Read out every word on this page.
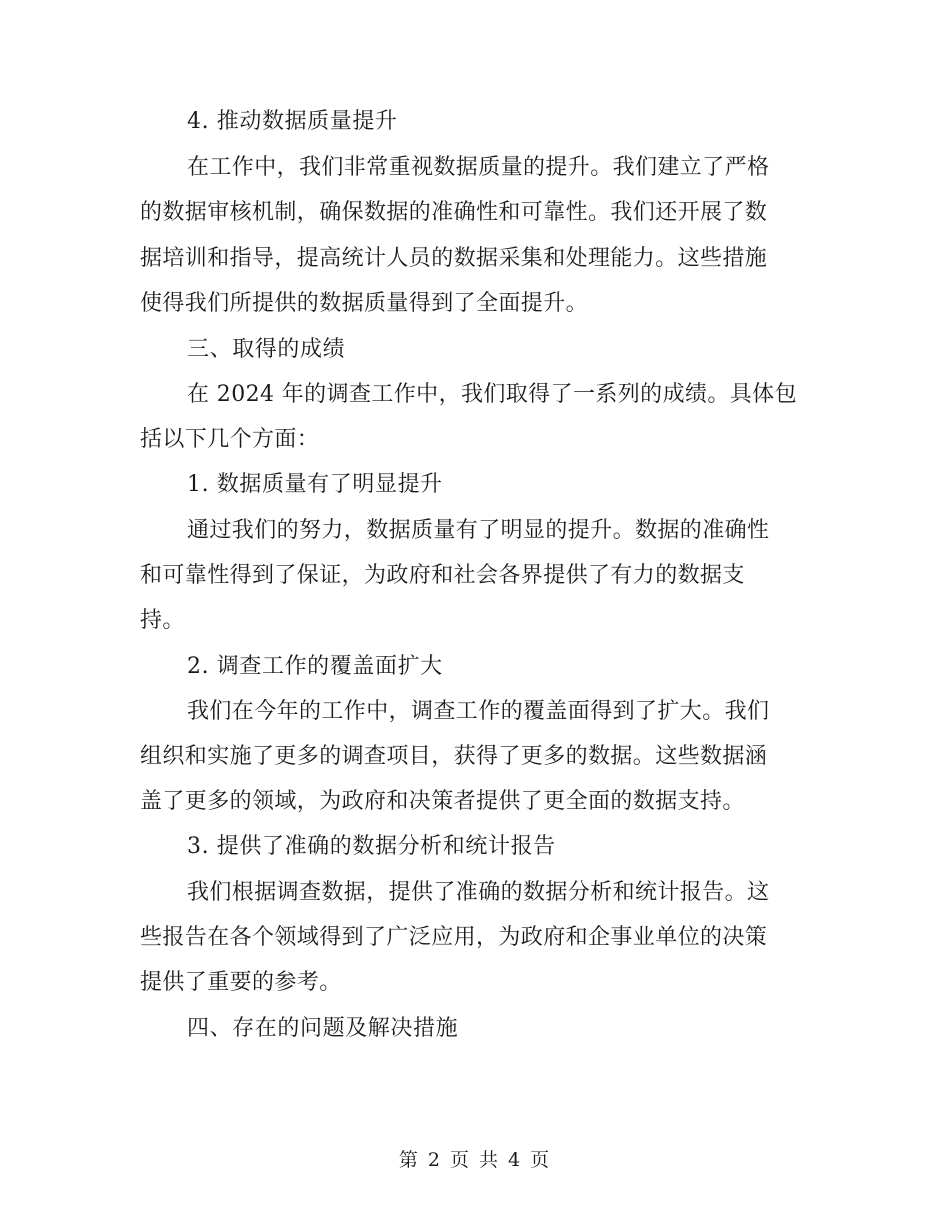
4. 推动数据质量提升
在工作中，我们非常重视数据质量的提升。我们建立了严格
的数据审核机制，确保数据的准确性和可靠性。我们还开展了数
据培训和指导，提高统计人员的数据采集和处理能力。这些措施
使得我们所提供的数据质量得到了全面提升。
三、取得的成绩
在 2024 年的调查工作中，我们取得了一系列的成绩。具体包
括以下几个方面：
1. 数据质量有了明显提升
通过我们的努力，数据质量有了明显的提升。数据的准确性
和可靠性得到了保证，为政府和社会各界提供了有力的数据支
持。
2. 调查工作的覆盖面扩大
我们在今年的工作中，调查工作的覆盖面得到了扩大。我们
组织和实施了更多的调查项目，获得了更多的数据。这些数据涵
盖了更多的领域，为政府和决策者提供了更全面的数据支持。
3. 提供了准确的数据分析和统计报告
我们根据调查数据，提供了准确的数据分析和统计报告。这
些报告在各个领域得到了广泛应用，为政府和企事业单位的决策
提供了重要的参考。
四、存在的问题及解决措施
第 2 页 共 4 页
